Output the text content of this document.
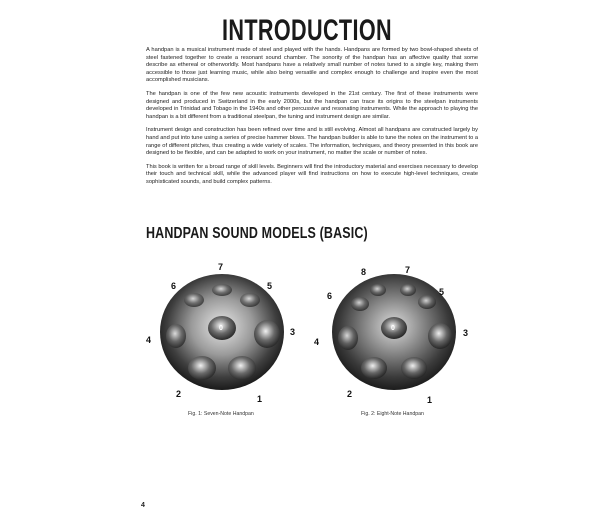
INTRODUCTION

A handpan is a musical instrument made of steel and played with the hands. Handpans are formed by two bowl-shaped sheets of steel fastened together to create a resonant sound chamber. The sonority of the handpan has an affective quality that some describe as ethereal or otherworldly. Most handpans have a relatively small number of notes tuned to a single key, making them accessible to those just learning music, while also being versatile and complex enough to challenge and inspire even the most accomplished musicians.

The handpan is one of the few new acoustic instruments developed in the 21st century. The first of these instruments were designed and produced in Switzerland in the early 2000s, but the handpan can trace its origins to the steelpan instruments developed in Trinidad and Tobago in the 1940s and other percussive and resonating instruments. While the approach to playing the handpan is a bit different from a traditional steelpan, the tuning and instrument design are similar.

Instrument design and construction has been refined over time and is still evolving. Almost all handpans are constructed largely by hand and put into tune using a series of precise hammer blows. The handpan builder is able to tune the notes on the instrument to a range of different pitches, thus creating a wide variety of scales. The information, techniques, and theory presented in this book are designed to be flexible, and can be adapted to work on your instrument, no matter the scale or number of notes.

This book is written for a broad range of skill levels. Beginners will find the introductory material and exercises necessary to develop their touch and technical skill, while the advanced player will find instructions on how to execute high-level techniques, create sophisticated sounds, and build complex patterns.

HANDPAN SOUND MODELS (BASIC)
0
1
2
3
4
5
6
7
Fig. 1: Seven-Note Handpan
0
1
2
3
4
5
6
7
8
Fig. 2: Eight-Note Handpan
4
